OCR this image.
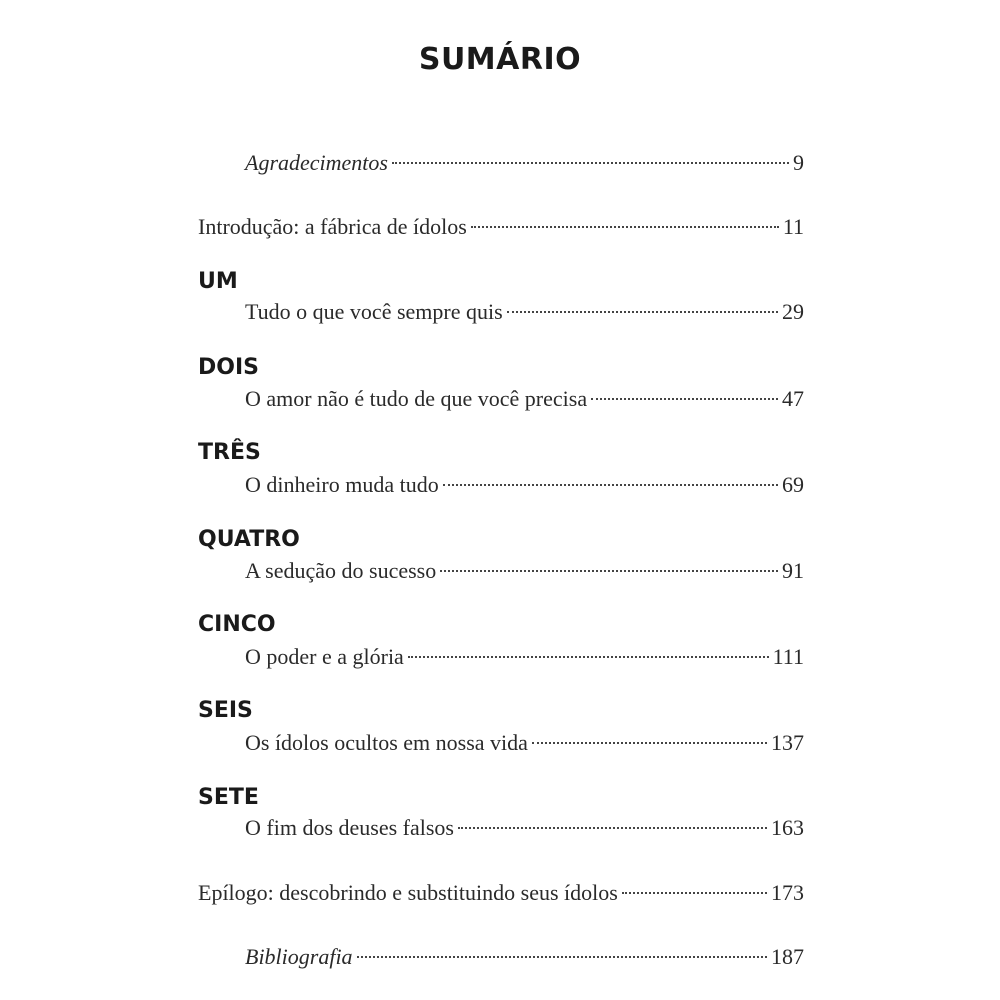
SUMÁRIO
Agradecimentos	9
Introdução: a fábrica de ídolos	11
UM
Tudo o que você sempre quis	29
DOIS
O amor não é tudo de que você precisa	47
TRÊS
O dinheiro muda tudo	69
QUATRO
A sedução do sucesso	91
CINCO
O poder e a glória	111
SEIS
Os ídolos ocultos em nossa vida	137
SETE
O fim dos deuses falsos	163
Epílogo: descobrindo e substituindo seus ídolos	173
Bibliografia	187
